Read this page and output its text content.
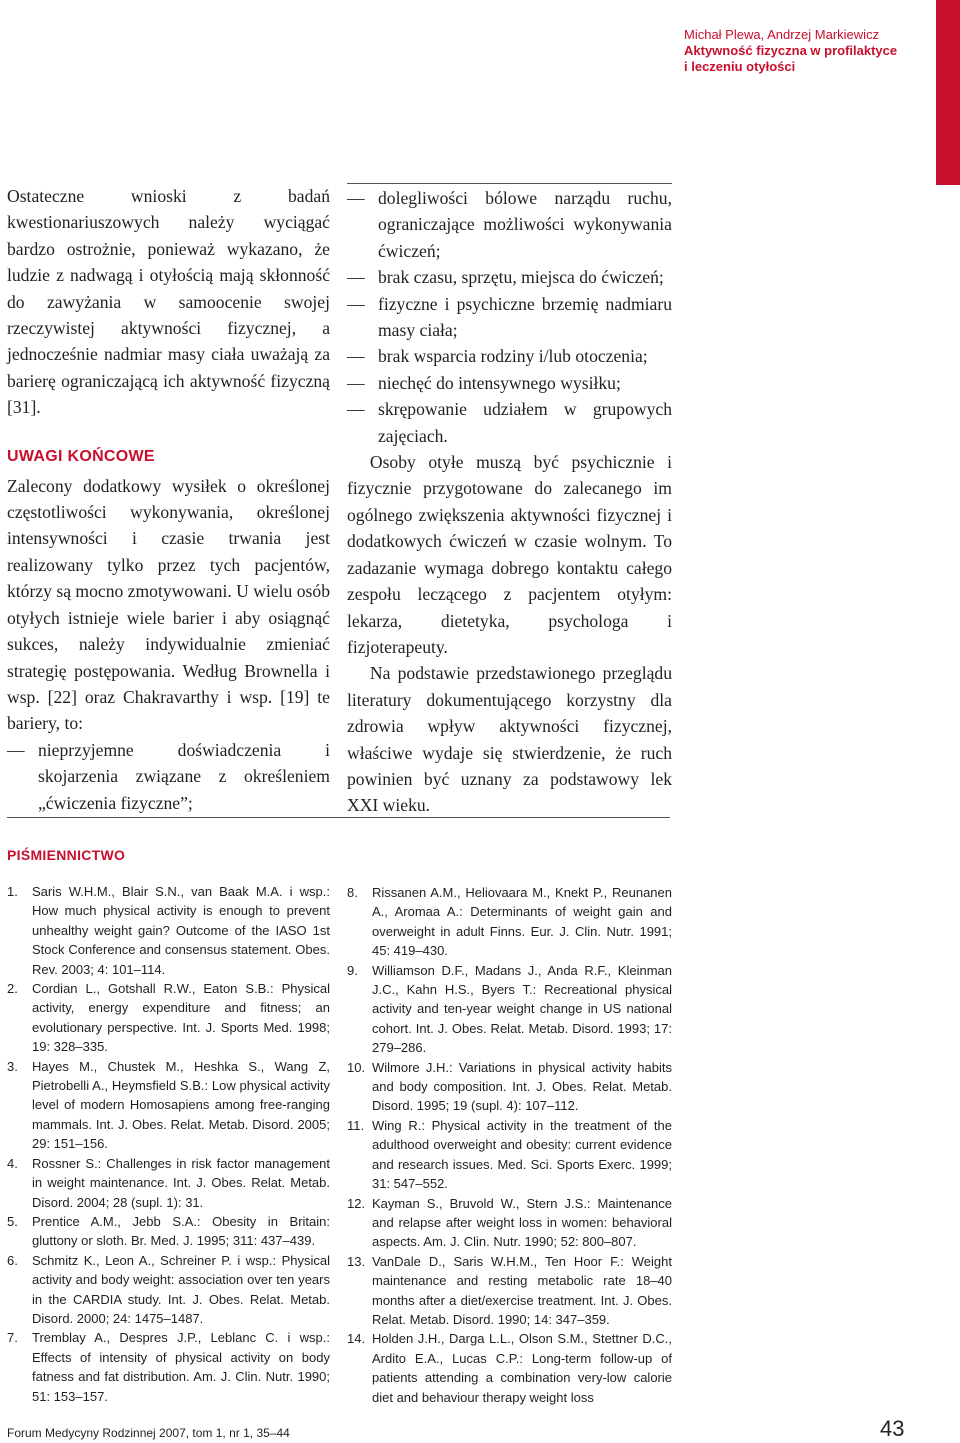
Michał Plewa, Andrzej Markiewicz
Aktywność fizyczna w profilaktyce
i leczeniu otyłości

Ostateczne wnioski z badań kwestionariuszowych należy wyciągać bardzo ostrożnie, ponieważ wykazano, że ludzie z nadwagą i otyłością mają skłonność do zawyżania w samoocenie swojej rzeczywistej aktywności fizycznej, a jednocześnie nadmiar masy ciała uważają za barierę ograniczającą ich aktywność fizyczną [31].

UWAGI KOŃCOWE

Zalecony dodatkowy wysiłek o określonej częstotliwości wykonywania, określonej intensywności i czasie trwania jest realizowany tylko przez tych pacjentów, którzy są mocno zmotywowani. U wielu osób otyłych istnieje wiele barier i aby osiągnąć sukces, należy indywidualnie zmieniać strategię postępowania. Według Brownella i wsp. [22] oraz Chakravarthy i wsp. [19] te bariery, to:

— nieprzyjemne doświadczenia i skojarzenia związane z określeniem „ćwiczenia fizyczne”;
— dolegliwości bólowe narządu ruchu, ograniczające możliwości wykonywania ćwiczeń;
— brak czasu, sprzętu, miejsca do ćwiczeń;
— fizyczne i psychiczne brzemię nadmiaru masy ciała;
— brak wsparcia rodziny i/lub otoczenia;
— niechęć do intensywnego wysiłku;
— skrępowanie udziałem w grupowych zajęciach.

Osoby otyłe muszą być psychicznie i fizycznie przygotowane do zalecanego im ogólnego zwiększenia aktywności fizycznej i dodatkowych ćwiczeń w czasie wolnym. To zadazanie wymaga dobrego kontaktu całego zespołu leczącego z pacjentem otyłym: lekarza, dietetyka, psychologa i fizjoterapeuty.

Na podstawie przedstawionego przeglądu literatury dokumentującego korzystny dla zdrowia wpływ aktywności fizycznej, właściwe wydaje się stwierdzenie, że ruch powinien być uznany za podstawowy lek XXI wieku.

PIŚMIENNICTWO
1. Saris W.H.M., Blair S.N., van Baak M.A. i wsp.: How much physical activity is enough to prevent unhealthy weight gain? Outcome of the IASO 1st Stock Conference and consensus statement. Obes. Rev. 2003; 4: 101–114.
2. Cordian L., Gotshall R.W., Eaton S.B.: Physical activity, energy expenditure and fitness; an evolutionary perspective. Int. J. Sports Med. 1998; 19: 328–335.
3. Hayes M., Chustek M., Heshka S., Wang Z, Pietrobelli A., Heymsfield S.B.: Low physical activity level of modern Homosapiens among free-ranging mammals. Int. J. Obes. Relat. Metab. Disord. 2005; 29: 151–156.
4. Rossner S.: Challenges in risk factor management in weight maintenance. Int. J. Obes. Relat. Metab. Disord. 2004; 28 (supl. 1): 31.
5. Prentice A.M., Jebb S.A.: Obesity in Britain: gluttony or sloth. Br. Med. J. 1995; 311: 437–439.
6. Schmitz K., Leon A., Schreiner P. i wsp.: Physical activity and body weight: association over ten years in the CARDIA study. Int. J. Obes. Relat. Metab. Disord. 2000; 24: 1475–1487.
7. Tremblay A., Despres J.P., Leblanc C. i wsp.: Effects of intensity of physical activity on body fatness and fat distribution. Am. J. Clin. Nutr. 1990; 51: 153–157.
8. Rissanen A.M., Heliovaara M., Knekt P., Reunanen A., Aromaa A.: Determinants of weight gain and overweight in adult Finns. Eur. J. Clin. Nutr. 1991; 45: 419–430.
9. Williamson D.F., Madans J., Anda R.F., Kleinman J.C., Kahn H.S., Byers T.: Recreational physical activity and ten-year weight change in US national cohort. Int. J. Obes. Relat. Metab. Disord. 1993; 17: 279–286.
10. Wilmore J.H.: Variations in physical activity habits and body composition. Int. J. Obes. Relat. Metab. Disord. 1995; 19 (supl. 4): 107–112.
11. Wing R.: Physical activity in the treatment of the adulthood overweight and obesity: current evidence and research issues. Med. Sci. Sports Exerc. 1999; 31: 547–552.
12. Kayman S., Bruvold W., Stern J.S.: Maintenance and relapse after weight loss in women: behavioral aspects. Am. J. Clin. Nutr. 1990; 52: 800–807.
13. VanDale D., Saris W.H.M., Ten Hoor F.: Weight maintenance and resting metabolic rate 18–40 months after a diet/exercise treatment. Int. J. Obes. Relat. Metab. Disord. 1990; 14: 347–359.
14. Holden J.H., Darga L.L., Olson S.M., Stettner D.C., Ardito E.A., Lucas C.P.: Long-term follow-up of patients attending a combination very-low calorie diet and behaviour therapy weight loss
Forum Medycyny Rodzinnej 2007, tom 1, nr 1, 35–44	43
